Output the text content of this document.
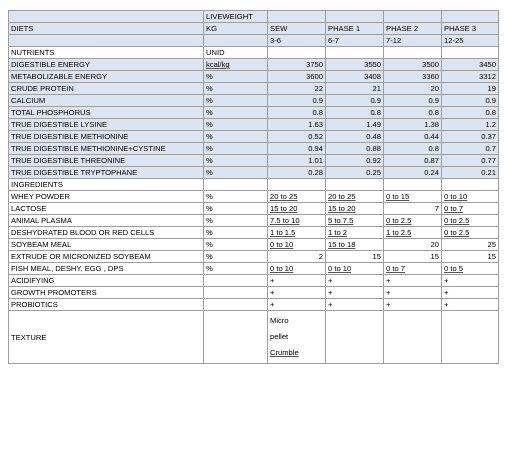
	LIVEWEIGHT				
DIETS	KG	SEW	PHASE 1	PHASE 2	PHASE 3
		3-6	6-7	7-12	12-25
NUTRIENTS	UNID				
DIGESTIBLE ENERGY	kcal/kg	3750	3550	3500	3450
METABOLIZABLE ENERGY	%	3600	3408	3360	3312
CRUDE PROTEIN	%	22	21	20	19
CALCIUM	%	0.9	0.9	0.9	0.9
TOTAL PHOSPHORUS	%	0.8	0.8	0.8	0.8
TRUE DIGESTIBLE LYSINE	%	1.63	1.49	1.38	1.2
TRUE DIGESTIBLE METHIONINE	%	0.52	0.48	0.44	0.37
TRUE DIGESTIBLE METHIONINE+CYSTINE	%	0.94	0.88	0.8	0.7
TRUE DIGESTIBLE THREONINE	%	1.01	0.92	0.87	0.77
TRUE DIGESTIBLE TRYPTOPHANE	%	0.28	0.25	0.24	0.21
INGREDIENTS					
WHEY POWDER	%	20 to 25	20 to 25	0 to 15	0 to 10
LACTOSE	%	15 to 20	15 to 20	7	0 to 7
ANIMAL PLASMA	%	7.5 to 10	5 to 7.5	0 to 2.5	0 to 2.5
DESHYDRATED BLOOD OR RED CELLS	%	1 to 1.5	1 to 2	1 to 2.5	0 to 2.5
SOYBEAM MEAL	%	0 to 10	15 to 18	20	25
EXTRUDE OR MICRONIZED SOYBEAM	%	2	15	15	15
FISH MEAL, DESHY. EGG , DPS	%	0 to 10	0 to 10	0 to 7	0 to 5
ACIDIFYING		+	+	+	+
GROWTH PROMOTERS		+	+	+	+
PROBIOTICS		+	+	+	+
TEXTURE		Micro
pellet
Crumble			
